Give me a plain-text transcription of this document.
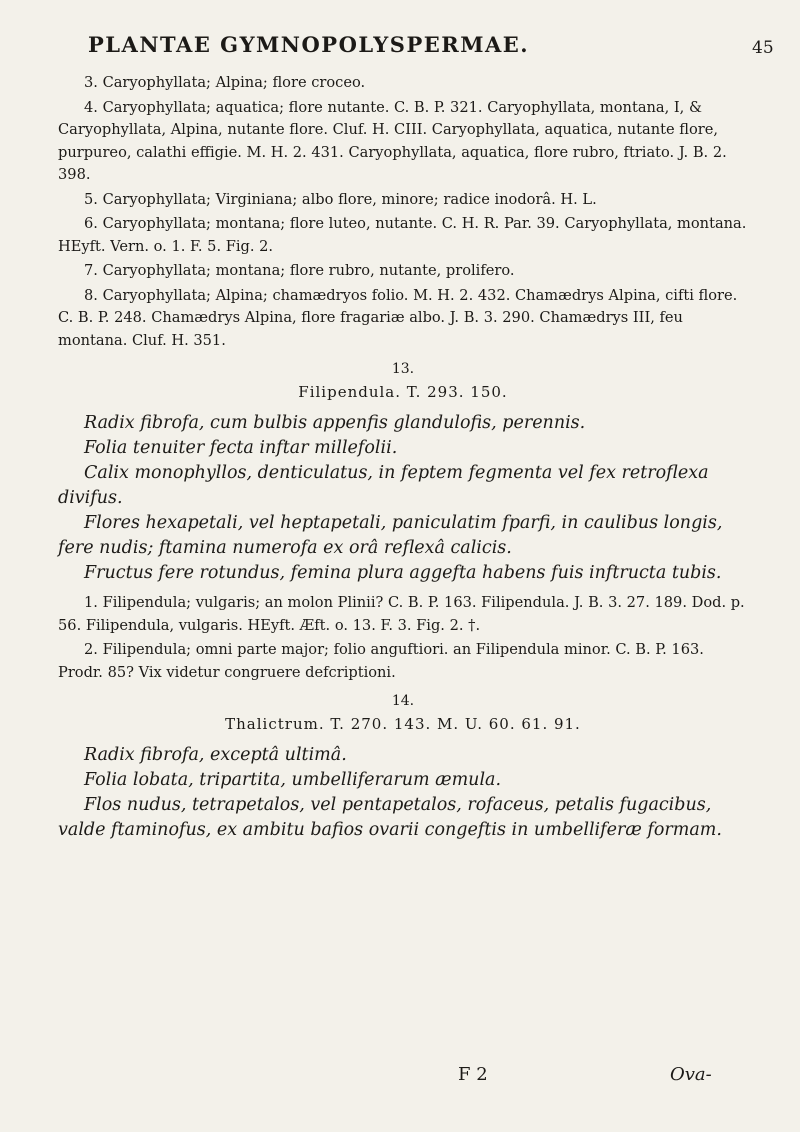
PLANTAE GYMNOPOLYSPERMAE.	45

3. Caryophyllata; Alpina; flore croceo.

4. Caryophyllata; aquatica; flore nutante. C. B. P. 321. Caryophyllata, montana, I, & Caryophyllata, Alpina, nutante flore. Cluf. H. CIII. Caryophyllata, aquatica, nutante flore, purpureo, calathi effigie. M. H. 2. 431. Caryophyllata, aquatica, flore rubro, ftriato. J. B. 2. 398.

5. Caryophyllata; Virginiana; albo flore, minore; radice inodorâ. H. L.

6. Caryophyllata; montana; flore luteo, nutante. C. H. R. Par. 39. Caryophyllata, montana. HEyft. Vern. o. 1. F. 5. Fig. 2.

7. Caryophyllata; montana; flore rubro, nutante, prolifero.

8. Caryophyllata; Alpina; chamædryos folio. M. H. 2. 432. Chamædrys Alpina, cifti flore. C. B. P. 248. Chamædrys Alpina, flore fragariæ albo. J. B. 3. 290. Chamædrys III, feu montana. Cluf. H. 351.

13.

Filipendula. T. 293. 150.

Radix fibrofa, cum bulbis appenfis glandulofis, perennis.

Folia tenuiter fecta inftar millefolii.

Calix monophyllos, denticulatus, in feptem fegmenta vel fex retroflexa divifus.

Flores hexapetali, vel heptapetali, paniculatim fparfi, in caulibus longis, fere nudis; ftamina numerofa ex orâ reflexâ calicis.

Fructus fere rotundus, femina plura aggefta habens fuis inftructa tubis.

1. Filipendula; vulgaris; an molon Plinii? C. B. P. 163. Filipendula. J. B. 3. 27. 189. Dod. p. 56. Filipendula, vulgaris. HEyft. Æft. o. 13. F. 3. Fig. 2. †.

2. Filipendula; omni parte major; folio anguftiori. an Filipendula minor. C. B. P. 163. Prodr. 85? Vix videtur congruere defcriptioni.

14.

Thalictrum. T. 270. 143. M. U. 60. 61. 91.

Radix fibrofa, exceptâ ultimâ.

Folia lobata, tripartita, umbelliferarum æmula.

Flos nudus, tetrapetalos, vel pentapetalos, rofaceus, petalis fugacibus, valde ftaminofus, ex ambitu bafios ovarii congeftis in umbelliferæ formam.

F 2	Ova-
